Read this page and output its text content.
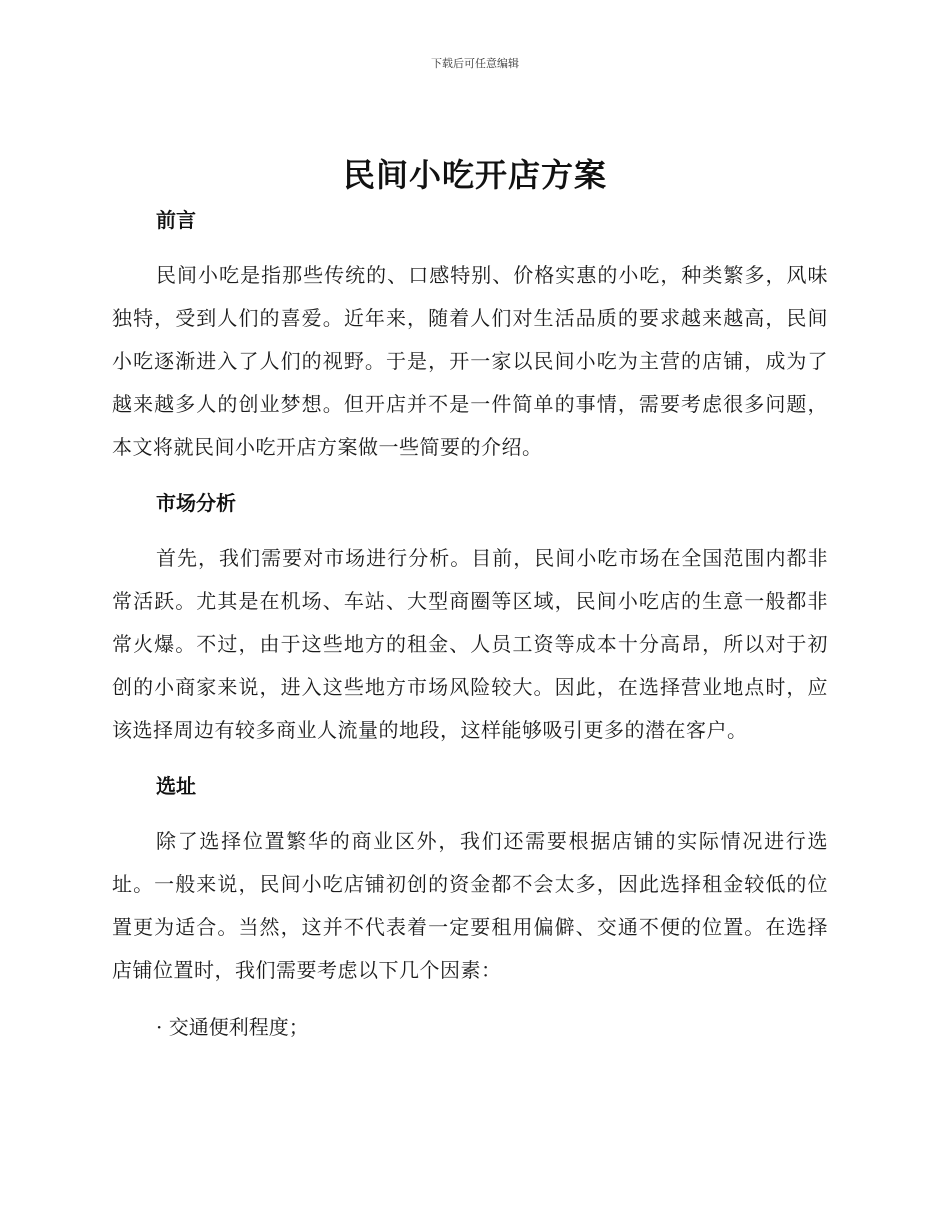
下载后可任意编辑
民间小吃开店方案
前言

民间小吃是指那些传统的、口感特别、价格实惠的小吃，种类繁多，风味独特，受到人们的喜爱。近年来，随着人们对生活品质的要求越来越高，民间小吃逐渐进入了人们的视野。于是，开一家以民间小吃为主营的店铺，成为了越来越多人的创业梦想。但开店并不是一件简单的事情，需要考虑很多问题，本文将就民间小吃开店方案做一些简要的介绍。

市场分析

首先，我们需要对市场进行分析。目前，民间小吃市场在全国范围内都非常活跃。尤其是在机场、车站、大型商圈等区域，民间小吃店的生意一般都非常火爆。不过，由于这些地方的租金、人员工资等成本十分高昂，所以对于初创的小商家来说，进入这些地方市场风险较大。因此，在选择营业地点时，应该选择周边有较多商业人流量的地段，这样能够吸引更多的潜在客户。

选址

除了选择位置繁华的商业区外，我们还需要根据店铺的实际情况进行选址。一般来说，民间小吃店铺初创的资金都不会太多，因此选择租金较低的位置更为适合。当然，这并不代表着一定要租用偏僻、交通不便的位置。在选择店铺位置时，我们需要考虑以下几个因素：

· 交通便利程度；
